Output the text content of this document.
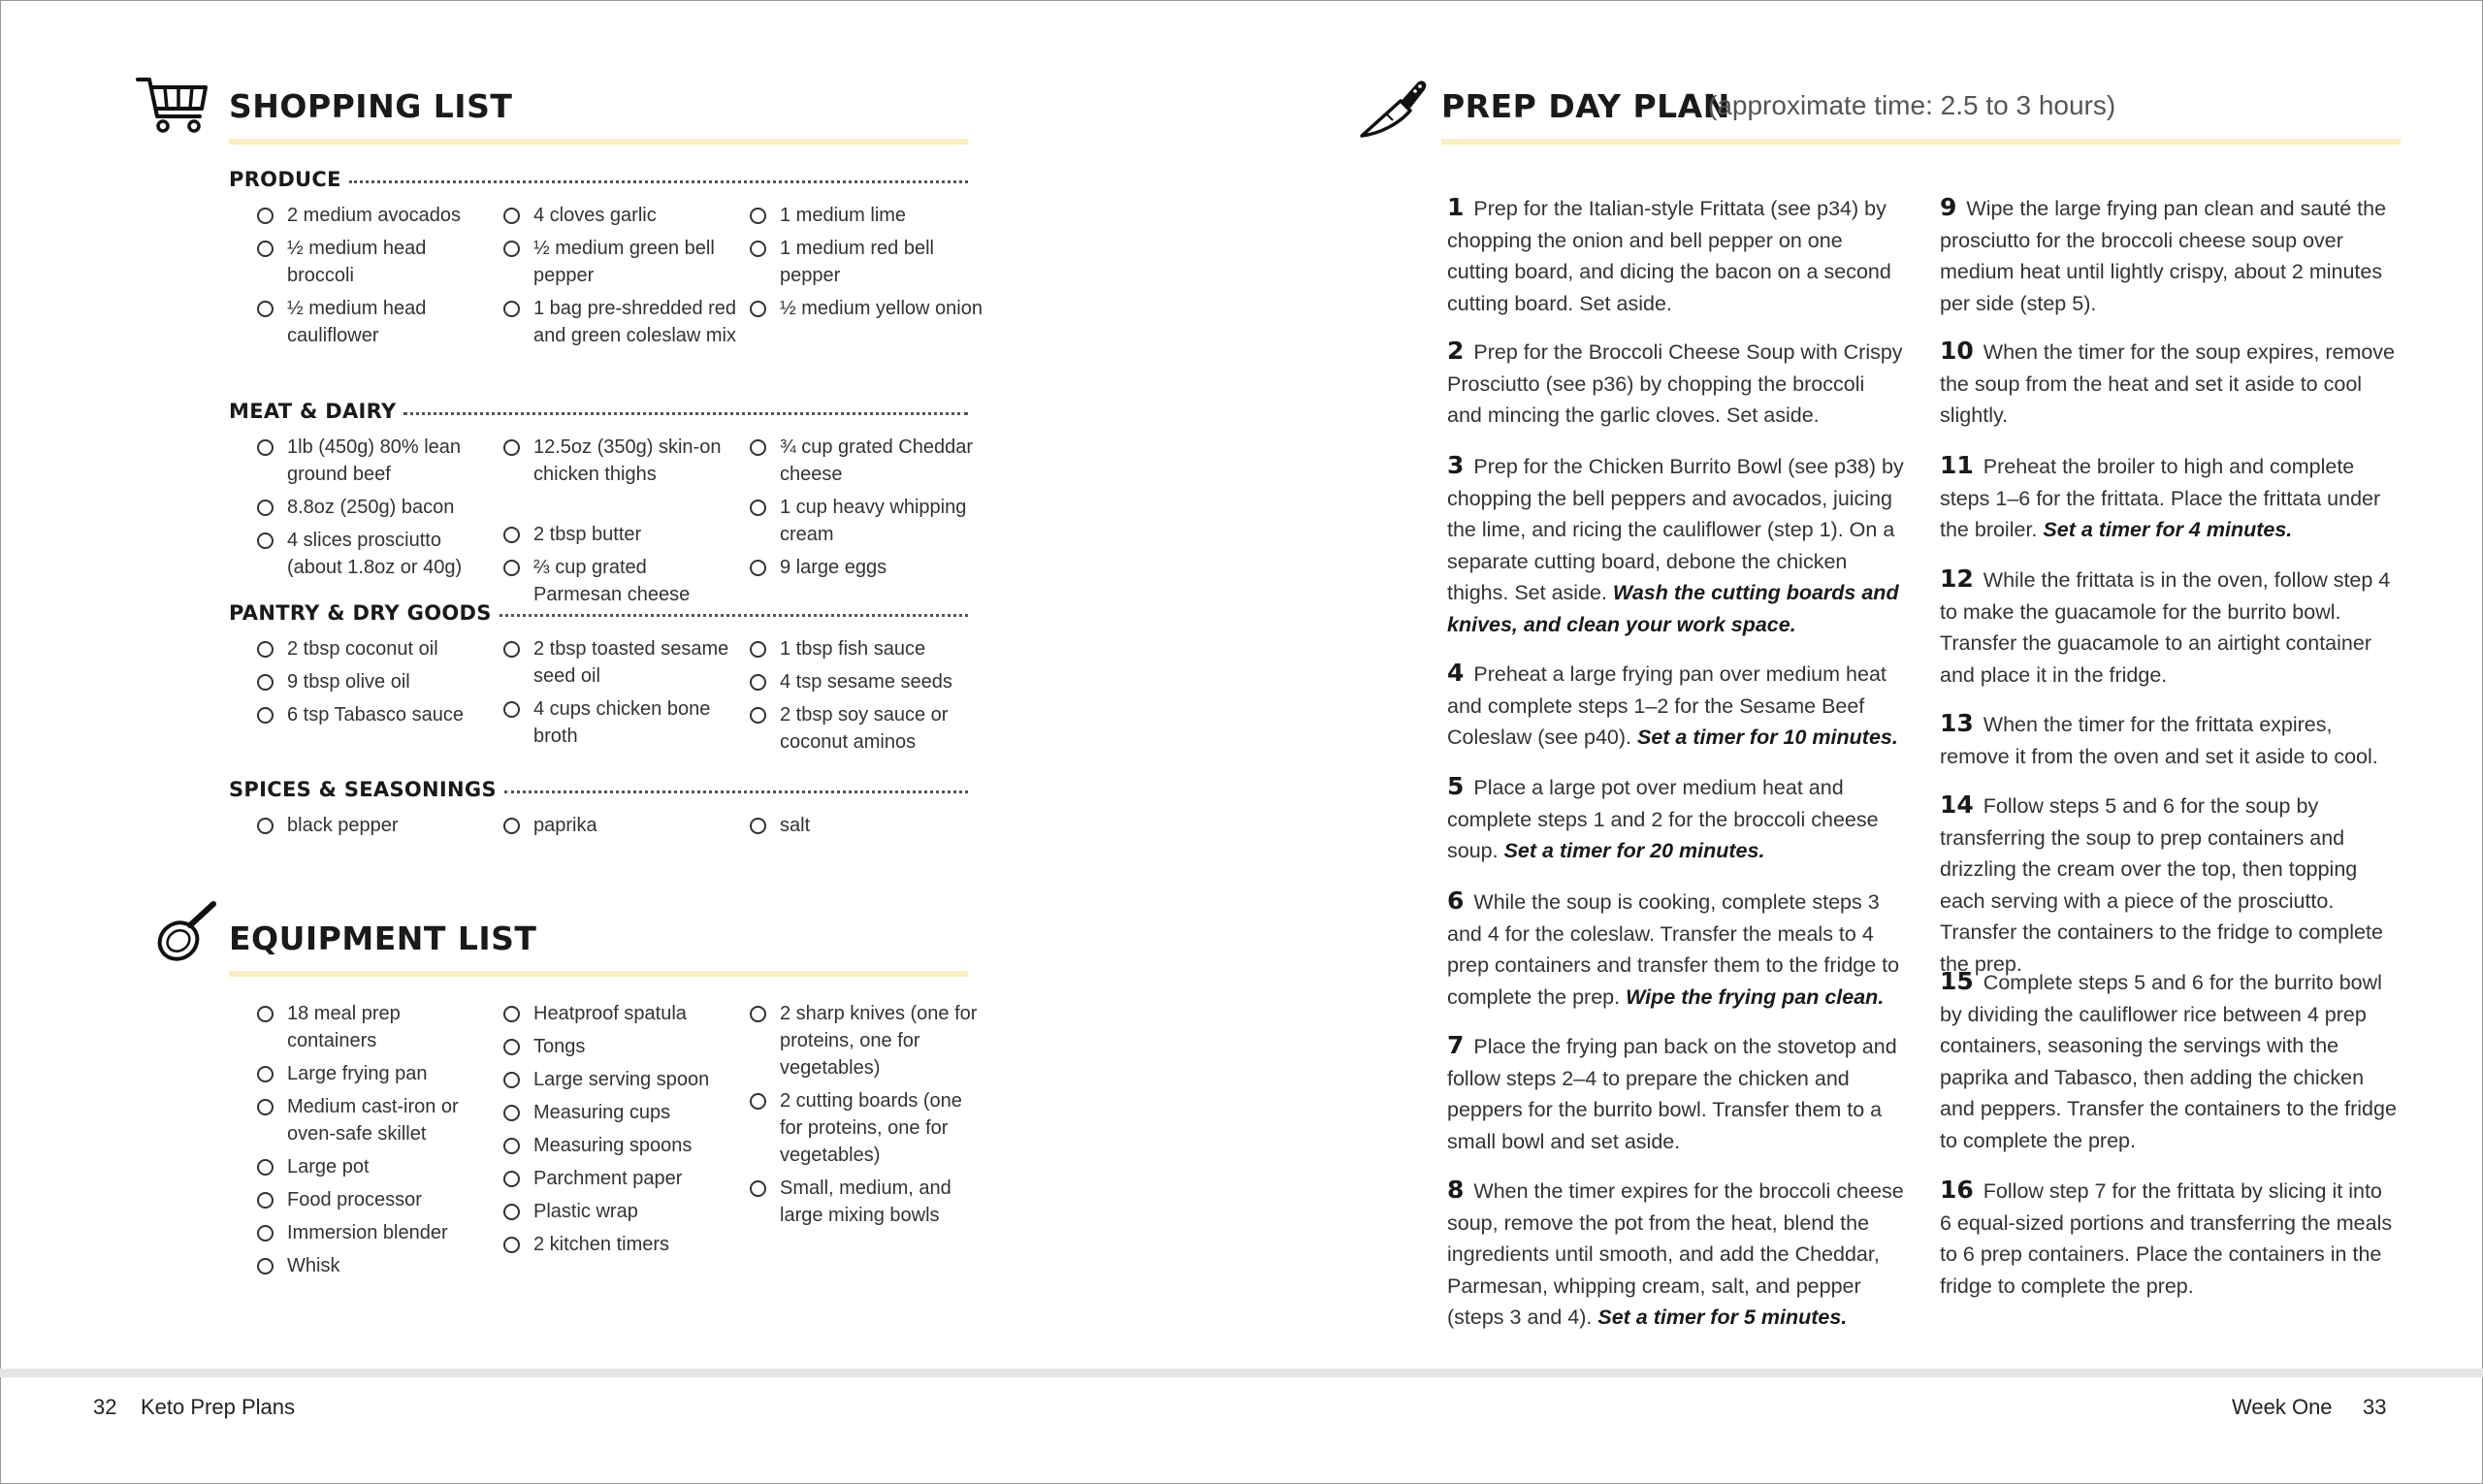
SHOPPING LIST
PRODUCE
2 medium avocados
½ medium head broccoli
½ medium head cauliflower
4 cloves garlic
½ medium green bell pepper
1 bag pre-shredded red and green coleslaw mix
1 medium lime
1 medium red bell pepper
½ medium yellow onion
MEAT & DAIRY
1lb (450g) 80% lean ground beef
8.8oz (250g) bacon
4 slices prosciutto (about 1.8oz or 40g)
12.5oz (350g) skin-on chicken thighs
2 tbsp butter
⅔ cup grated Parmesan cheese
¾ cup grated Cheddar cheese
1 cup heavy whipping cream
9 large eggs
PANTRY & DRY GOODS
2 tbsp coconut oil
9 tbsp olive oil
6 tsp Tabasco sauce
2 tbsp toasted sesame seed oil
4 cups chicken bone broth
1 tbsp fish sauce
4 tsp sesame seeds
2 tbsp soy sauce or coconut aminos
SPICES & SEASONINGS
black pepper	paprika	salt
EQUIPMENT LIST
18 meal prep containers
Large frying pan
Medium cast-iron or oven-safe skillet
Large pot
Food processor
Immersion blender
Whisk
Heatproof spatula
Tongs
Large serving spoon
Measuring cups
Measuring spoons
Parchment paper
Plastic wrap
2 kitchen timers
2 sharp knives (one for proteins, one for vegetables)
2 cutting boards (one for proteins, one for vegetables)
Small, medium, and large mixing bowls
PREP DAY PLAN
(approximate time: 2.5 to 3 hours)
1 Prep for the Italian-style Frittata (see p34) by chopping the onion and bell pepper on one cutting board, and dicing the bacon on a second cutting board. Set aside.
2 Prep for the Broccoli Cheese Soup with Crispy Prosciutto (see p36) by chopping the broccoli and mincing the garlic cloves. Set aside.
3 Prep for the Chicken Burrito Bowl (see p38) by chopping the bell peppers and avocados, juicing the lime, and ricing the cauliflower (step 1). On a separate cutting board, debone the chicken thighs. Set aside. Wash the cutting boards and knives, and clean your work space.
4 Preheat a large frying pan over medium heat and complete steps 1–2 for the Sesame Beef Coleslaw (see p40). Set a timer for 10 minutes.
5 Place a large pot over medium heat and complete steps 1 and 2 for the broccoli cheese soup. Set a timer for 20 minutes.
6 While the soup is cooking, complete steps 3 and 4 for the coleslaw. Transfer the meals to 4 prep containers and transfer them to the fridge to complete the prep. Wipe the frying pan clean.
7 Place the frying pan back on the stovetop and follow steps 2–4 to prepare the chicken and peppers for the burrito bowl. Transfer them to a small bowl and set aside.
8 When the timer expires for the broccoli cheese soup, remove the pot from the heat, blend the ingredients until smooth, and add the Cheddar, Parmesan, whipping cream, salt, and pepper (steps 3 and 4). Set a timer for 5 minutes.
9 Wipe the large frying pan clean and sauté the prosciutto for the broccoli cheese soup over medium heat until lightly crispy, about 2 minutes per side (step 5).
10 When the timer for the soup expires, remove the soup from the heat and set it aside to cool slightly.
11 Preheat the broiler to high and complete steps 1–6 for the frittata. Place the frittata under the broiler. Set a timer for 4 minutes.
12 While the frittata is in the oven, follow step 4 to make the guacamole for the burrito bowl. Transfer the guacamole to an airtight container and place it in the fridge.
13 When the timer for the frittata expires, remove it from the oven and set it aside to cool.
14 Follow steps 5 and 6 for the soup by transferring the soup to prep containers and drizzling the cream over the top, then topping each serving with a piece of the prosciutto. Transfer the containers to the fridge to complete the prep.
15 Complete steps 5 and 6 for the burrito bowl by dividing the cauliflower rice between 4 prep containers, seasoning the servings with the paprika and Tabasco, then adding the chicken and peppers. Transfer the containers to the fridge to complete the prep.
16 Follow step 7 for the frittata by slicing it into 6 equal-sized portions and transferring the meals to 6 prep containers. Place the containers in the fridge to complete the prep.
32 Keto Prep Plans	Week One 33
